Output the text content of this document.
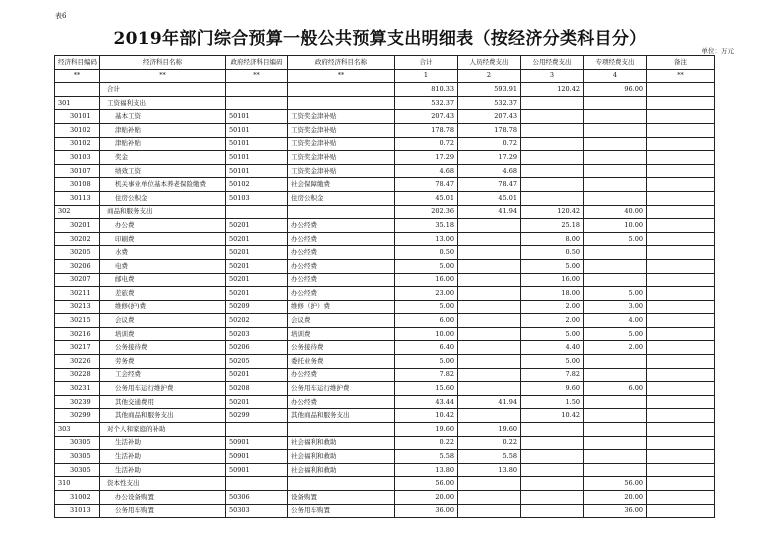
表6
2019年部门综合预算一般公共预算支出明细表（按经济分类科目分）
单位：万元
经济科目编码	经济科目名称	政府经济科目编码	政府经济科目名称	合计	人员经费支出	公用经费支出	专项经费支出	备注
**	**	**	**	1	2	3	4	**
	合计			810.33	593.91	120.42	96.00	
301	工资福利支出			532.37	532.37			
30101	基本工资	50101	工资奖金津补贴	207.43	207.43			
30102	津贴补贴	50101	工资奖金津补贴	178.78	178.78			
30102	津贴补贴	50101	工资奖金津补贴	0.72	0.72			
30103	奖金	50101	工资奖金津补贴	17.29	17.29			
30107	绩效工资	50101	工资奖金津补贴	4.68	4.68			
30108	机关事业单位基本养老保险缴费	50102	社会保障缴费	78.47	78.47			
30113	住房公积金	50103	住房公积金	45.01	45.01			
302	商品和服务支出			202.36	41.94	120.42	40.00	
30201	办公费	50201	办公经费	35.18		25.18	10.00	
30202	印刷费	50201	办公经费	13.00		8.00	5.00	
30205	水费	50201	办公经费	0.50		0.50		
30206	电费	50201	办公经费	5.00		5.00		
30207	邮电费	50201	办公经费	16.00		16.00		
30211	差旅费	50201	办公经费	23.00		18.00	5.00	
30213	维修(护)费	50209	维修（护）费	5.00		2.00	3.00	
30215	会议费	50202	会议费	6.00		2.00	4.00	
30216	培训费	50203	培训费	10.00		5.00	5.00	
30217	公务接待费	50206	公务接待费	6.40		4.40	2.00	
30226	劳务费	50205	委托业务费	5.00		5.00		
30228	工会经费	50201	办公经费	7.82		7.82		
30231	公务用车运行维护费	50208	公务用车运行维护费	15.60		9.60	6.00	
30239	其他交通费用	50201	办公经费	43.44	41.94	1.50		
30299	其他商品和服务支出	50299	其他商品和服务支出	10.42		10.42		
303	对个人和家庭的补助			19.60	19.60			
30305	生活补助	50901	社会福利和救助	0.22	0.22			
30305	生活补助	50901	社会福利和救助	5.58	5.58			
30305	生活补助	50901	社会福利和救助	13.80	13.80			
310	资本性支出			56.00			56.00	
31002	办公设备购置	50306	设备购置	20.00			20.00	
31013	公务用车购置	50303	公务用车购置	36.00			36.00	
